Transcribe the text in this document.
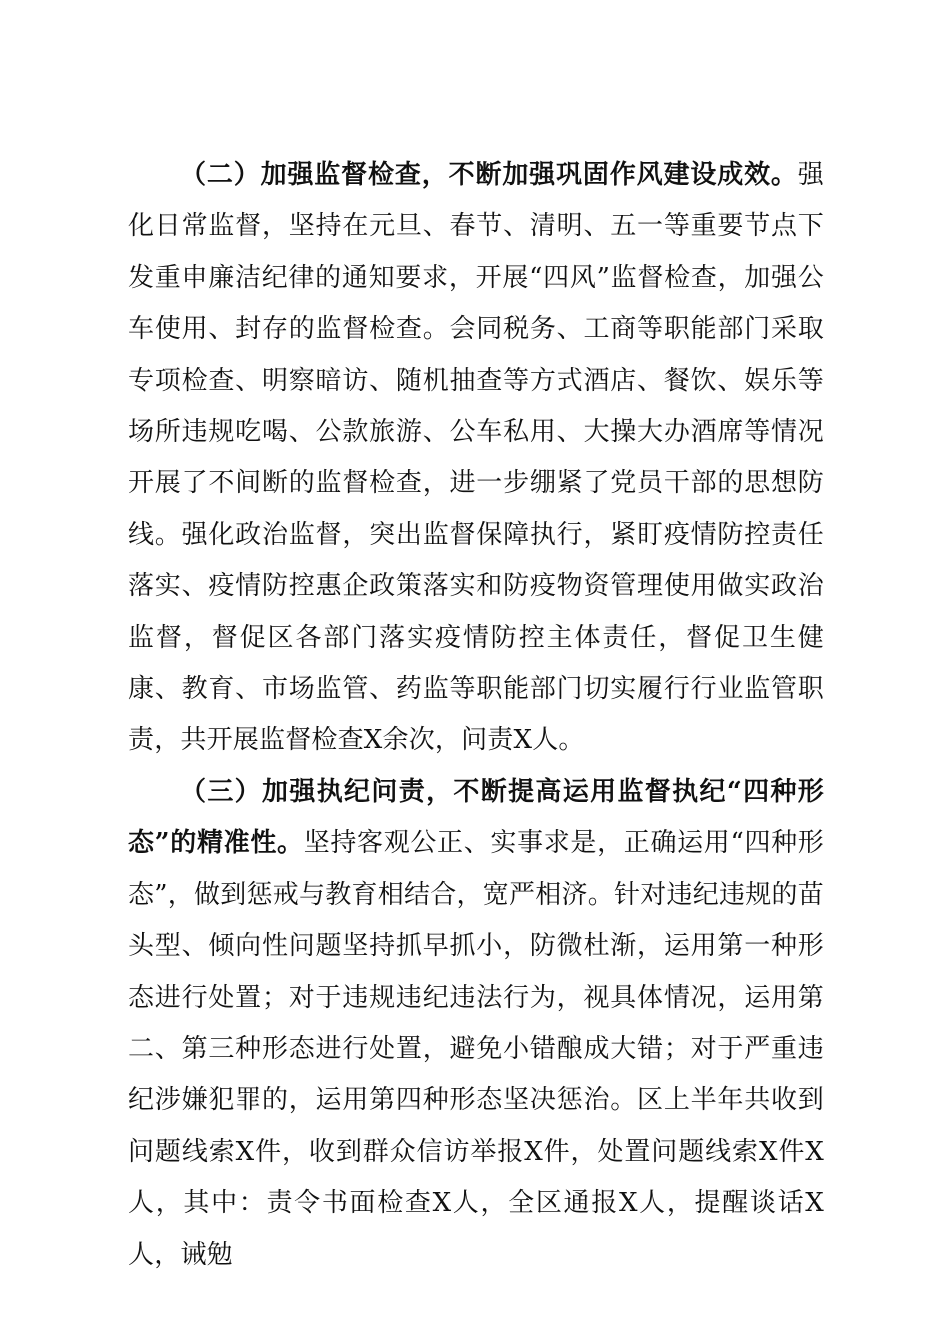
（二）加强监督检查，不断加强巩固作风建设成效。强化日常监督，坚持在元旦、春节、清明、五一等重要节点下发重申廉洁纪律的通知要求，开展“四风”监督检查，加强公车使用、封存的监督检查。会同税务、工商等职能部门采取专项检查、明察暗访、随机抽查等方式酒店、餐饮、娱乐等场所违规吃喝、公款旅游、公车私用、大操大办酒席等情况开展了不间断的监督检查，进一步绷紧了党员干部的思想防线。强化政治监督，突出监督保障执行，紧盯疫情防控责任落实、疫情防控惠企政策落实和防疫物资管理使用做实政治监督，督促区各部门落实疫情防控主体责任，督促卫生健康、教育、市场监管、药监等职能部门切实履行行业监管职责，共开展监督检查X余次，问责X人。

（三）加强执纪问责，不断提高运用监督执纪“四种形态”的精准性。坚持客观公正、实事求是，正确运用“四种形态”，做到惩戒与教育相结合，宽严相济。针对违纪违规的苗头型、倾向性问题坚持抓早抓小，防微杜渐，运用第一种形态进行处置；对于违规违纪违法行为，视具体情况，运用第二、第三种形态进行处置，避免小错酿成大错；对于严重违纪涉嫌犯罪的，运用第四种形态坚决惩治。区上半年共收到问题线索X件，收到群众信访举报X件，处置问题线索X件X人，其中：责令书面检查X人，全区通报X人，提醒谈话X人，诫勉
